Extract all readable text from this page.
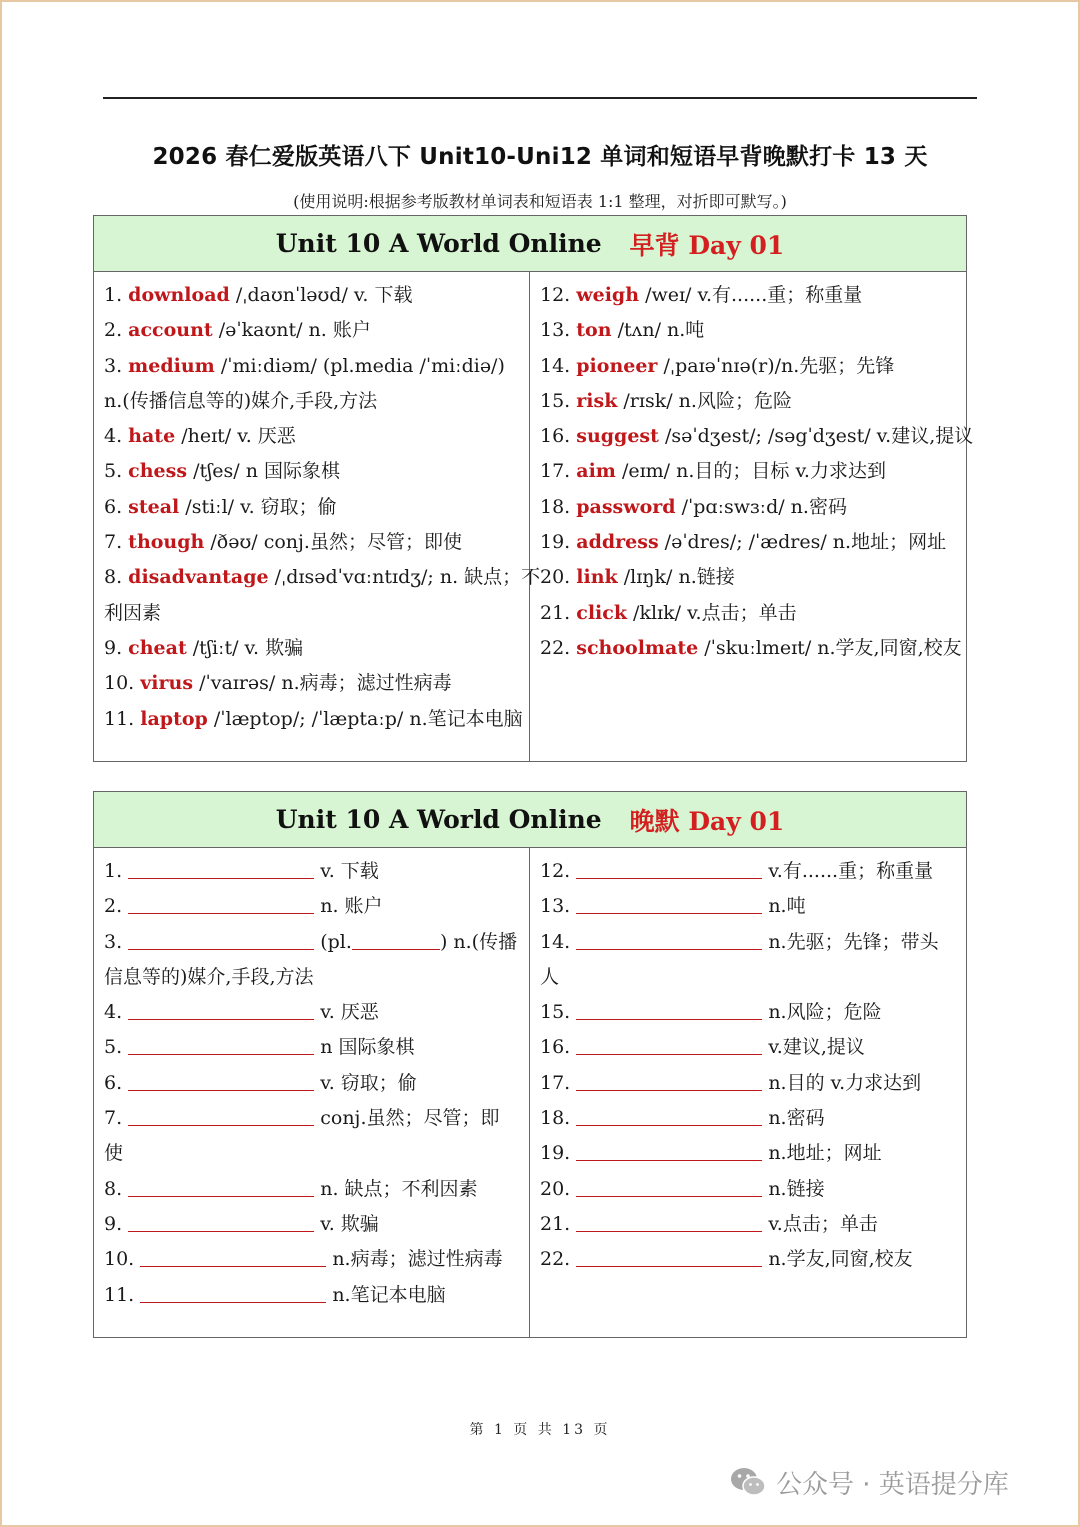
2026 春仁爱版英语八下 Unit10-Uni12 单词和短语早背晚默打卡 13 天
(使用说明:根据参考版教材单词表和短语表 1:1 整理，对折即可默写。)
Unit 10 A World Online 早背 Day 01
1. download /ˌdaʊnˈləʊd/ v. 下载
2. account /əˈkaʊnt/ n. 账户
3. medium /ˈmiːdiəm/ (pl.media /ˈmiːdiə/)
n.(传播信息等的)媒介,手段,方法
4. hate /heɪt/ v. 厌恶
5. chess /tʃes/ n 国际象棋
6. steal /stiːl/ v. 窃取；偷
7. though /ðəʊ/ conj.虽然；尽管；即使
8. disadvantage /ˌdɪsədˈvɑːntɪdʒ/; n. 缺点；不
利因素
9. cheat /tʃiːt/ v. 欺骗
10. virus /ˈvaɪrəs/ n.病毒；滤过性病毒
11. laptop /ˈlæptop/; /ˈlæptaːp/ n.笔记本电脑
12. weigh /weɪ/ v.有......重；称重量
13. ton /tʌn/ n.吨
14. pioneer /ˌpaɪəˈnɪə(r)/n.先驱；先锋
15. risk /rɪsk/ n.风险；危险
16. suggest /səˈdʒest/; /səgˈdʒest/ v.建议,提议
17. aim /eɪm/ n.目的；目标 v.力求达到
18. password /ˈpɑːswɜːd/ n.密码
19. address /əˈdres/; /ˈædres/ n.地址；网址
20. link /lɪŋk/ n.链接
21. click /klɪk/ v.点击；单击
22. schoolmate /ˈskuːlmeɪt/ n.学友,同窗,校友
Unit 10 A World Online 晚默 Day 01
1.	v. 下载
2.	n. 账户
3.	(pl.	) n.(传播
信息等的)媒介,手段,方法
4.	v. 厌恶
5.	n 国际象棋
6.	v. 窃取；偷
7.	conj.虽然；尽管；即
使
8.	n. 缺点；不利因素
9.	v. 欺骗
10.	n.病毒；滤过性病毒
11.	n.笔记本电脑
12.	v.有......重；称重量
13.	n.吨
14.	n.先驱；先锋；带头
人
15.	n.风险；危险
16.	v.建议,提议
17.	n.目的 v.力求达到
18.	n.密码
19.	n.地址；网址
20.	n.链接
21.	v.点击；单击
22.	n.学友,同窗,校友
第 1 页 共 13 页
公众号 · 英语提分库
